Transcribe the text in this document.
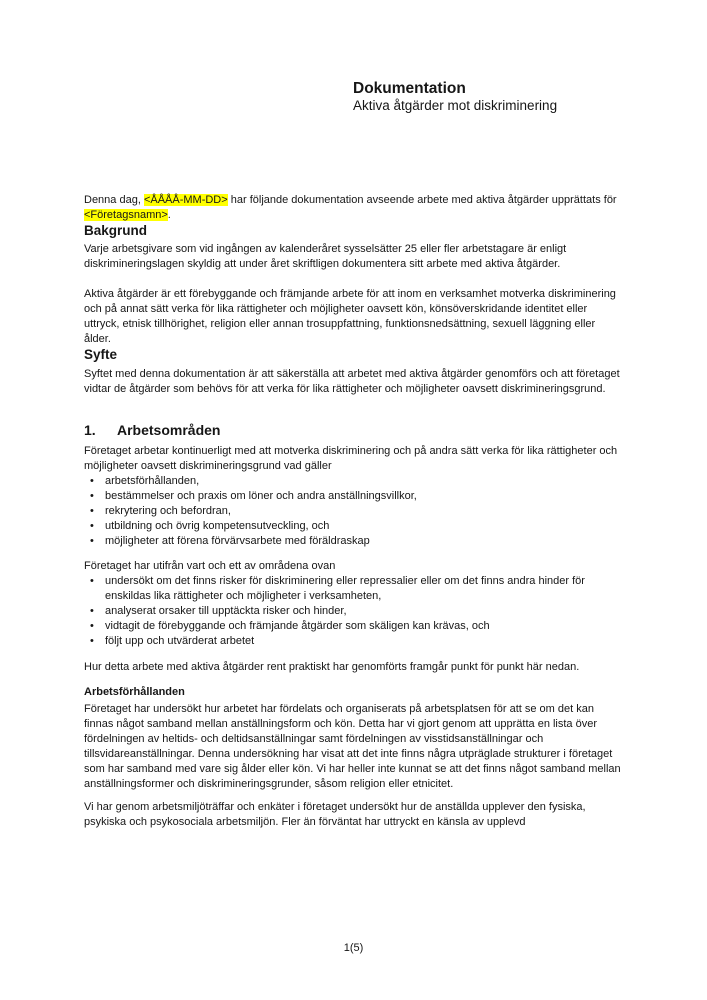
Dokumentation
Aktiva åtgärder mot diskriminering

Denna dag, <ÅÅÅÅ-MM-DD> har följande dokumentation avseende arbete med aktiva åtgärder upprättats för <Företagsnamn>.

Bakgrund

Varje arbetsgivare som vid ingången av kalenderåret sysselsätter 25 eller fler arbetstagare är enligt diskrimineringslagen skyldig att under året skriftligen dokumentera sitt arbete med aktiva åtgärder.

Aktiva åtgärder är ett förebyggande och främjande arbete för att inom en verksamhet motverka diskriminering och på annat sätt verka för lika rättigheter och möjligheter oavsett kön, könsöverskridande identitet eller uttryck, etnisk tillhörighet, religion eller annan trosuppfattning, funktionsnedsättning, sexuell läggning eller ålder.

Syfte

Syftet med denna dokumentation är att säkerställa att arbetet med aktiva åtgärder genomförs och att företaget vidtar de åtgärder som behövs för att verka för lika rättigheter och möjligheter oavsett diskrimineringsgrund.

1.	Arbetsområden

Företaget arbetar kontinuerligt med att motverka diskriminering och på andra sätt verka för lika rättigheter och möjligheter oavsett diskrimineringsgrund vad gäller

• arbetsförhållanden,
• bestämmelser och praxis om löner och andra anställningsvillkor,
• rekrytering och befordran,
• utbildning och övrig kompetensutveckling, och
• möjligheter att förena förvärvsarbete med föräldraskap

Företaget har utifrån vart och ett av områdena ovan

• undersökt om det finns risker för diskriminering eller repressalier eller om det finns andra hinder för enskildas lika rättigheter och möjligheter i verksamheten,
• analyserat orsaker till upptäckta risker och hinder,
• vidtagit de förebyggande och främjande åtgärder som skäligen kan krävas, och
• följt upp och utvärderat arbetet

Hur detta arbete med aktiva åtgärder rent praktiskt har genomförts framgår punkt för punkt här nedan.

Arbetsförhållanden

Företaget har undersökt hur arbetet har fördelats och organiserats på arbetsplatsen för att se om det kan finnas något samband mellan anställningsform och kön. Detta har vi gjort genom att upprätta en lista över fördelningen av heltids- och deltidsanställningar samt fördelningen av visstidsanställningar och tillsvidareanställningar. Denna undersökning har visat att det inte finns några utpräglade strukturer i företaget som har samband med vare sig ålder eller kön. Vi har heller inte kunnat se att det finns något samband mellan anställningsformer och diskrimineringsgrunder, såsom religion eller etnicitet.

Vi har genom arbetsmiljöträffar och enkäter i företaget undersökt hur de anställda upplever den fysiska, psykiska och psykosociala arbetsmiljön. Fler än förväntat har uttryckt en känsla av upplevd

1(5)
